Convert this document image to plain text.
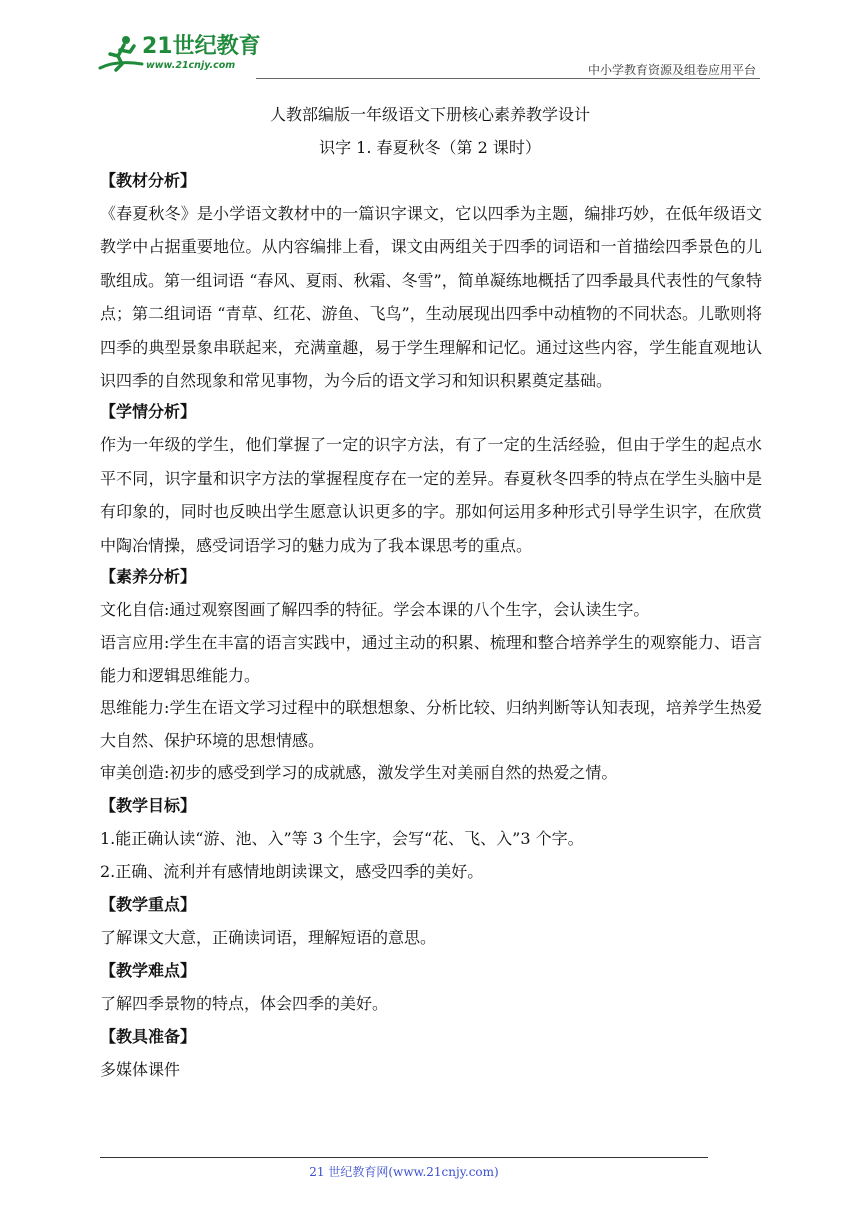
21世纪教育
www.21cnjy.com	中小学教育资源及组卷应用平台
人教部编版一年级语文下册核心素养教学设计
识字 1. 春夏秋冬（第 2 课时）
【教材分析】

《春夏秋冬》是小学语文教材中的一篇识字课文，它以四季为主题，编排巧妙，在低年级语文教学中占据重要地位。从内容编排上看，课文由两组关于四季的词语和一首描绘四季景色的儿歌组成。第一组词语 “春风、夏雨、秋霜、冬雪”，简单凝练地概括了四季最具代表性的气象特点；第二组词语 “青草、红花、游鱼、飞鸟”，生动展现出四季中动植物的不同状态。儿歌则将四季的典型景象串联起来，充满童趣，易于学生理解和记忆。通过这些内容，学生能直观地认识四季的自然现象和常见事物，为今后的语文学习和知识积累奠定基础。

【学情分析】

作为一年级的学生，他们掌握了一定的识字方法，有了一定的生活经验，但由于学生的起点水平不同，识字量和识字方法的掌握程度存在一定的差异。春夏秋冬四季的特点在学生头脑中是有印象的，同时也反映出学生愿意认识更多的字。那如何运用多种形式引导学生识字，在欣赏中陶冶情操，感受词语学习的魅力成为了我本课思考的重点。

【素养分析】

文化自信:通过观察图画了解四季的特征。学会本课的八个生字，会认读生字。

语言应用:学生在丰富的语言实践中，通过主动的积累、梳理和整合培养学生的观察能力、语言能力和逻辑思维能力。

思维能力:学生在语文学习过程中的联想想象、分析比较、归纳判断等认知表现，培养学生热爱大自然、保护环境的思想情感。

审美创造:初步的感受到学习的成就感，激发学生对美丽自然的热爱之情。

【教学目标】

1.能正确认读“游、池、入”等 3 个生字，会写“花、飞、入”3 个字。

2.正确、流利并有感情地朗读课文，感受四季的美好。

【教学重点】

了解课文大意，正确读词语，理解短语的意思。

【教学难点】

了解四季景物的特点，体会四季的美好。

【教具准备】

多媒体课件

21 世纪教育网(www.21cnjy.com)
